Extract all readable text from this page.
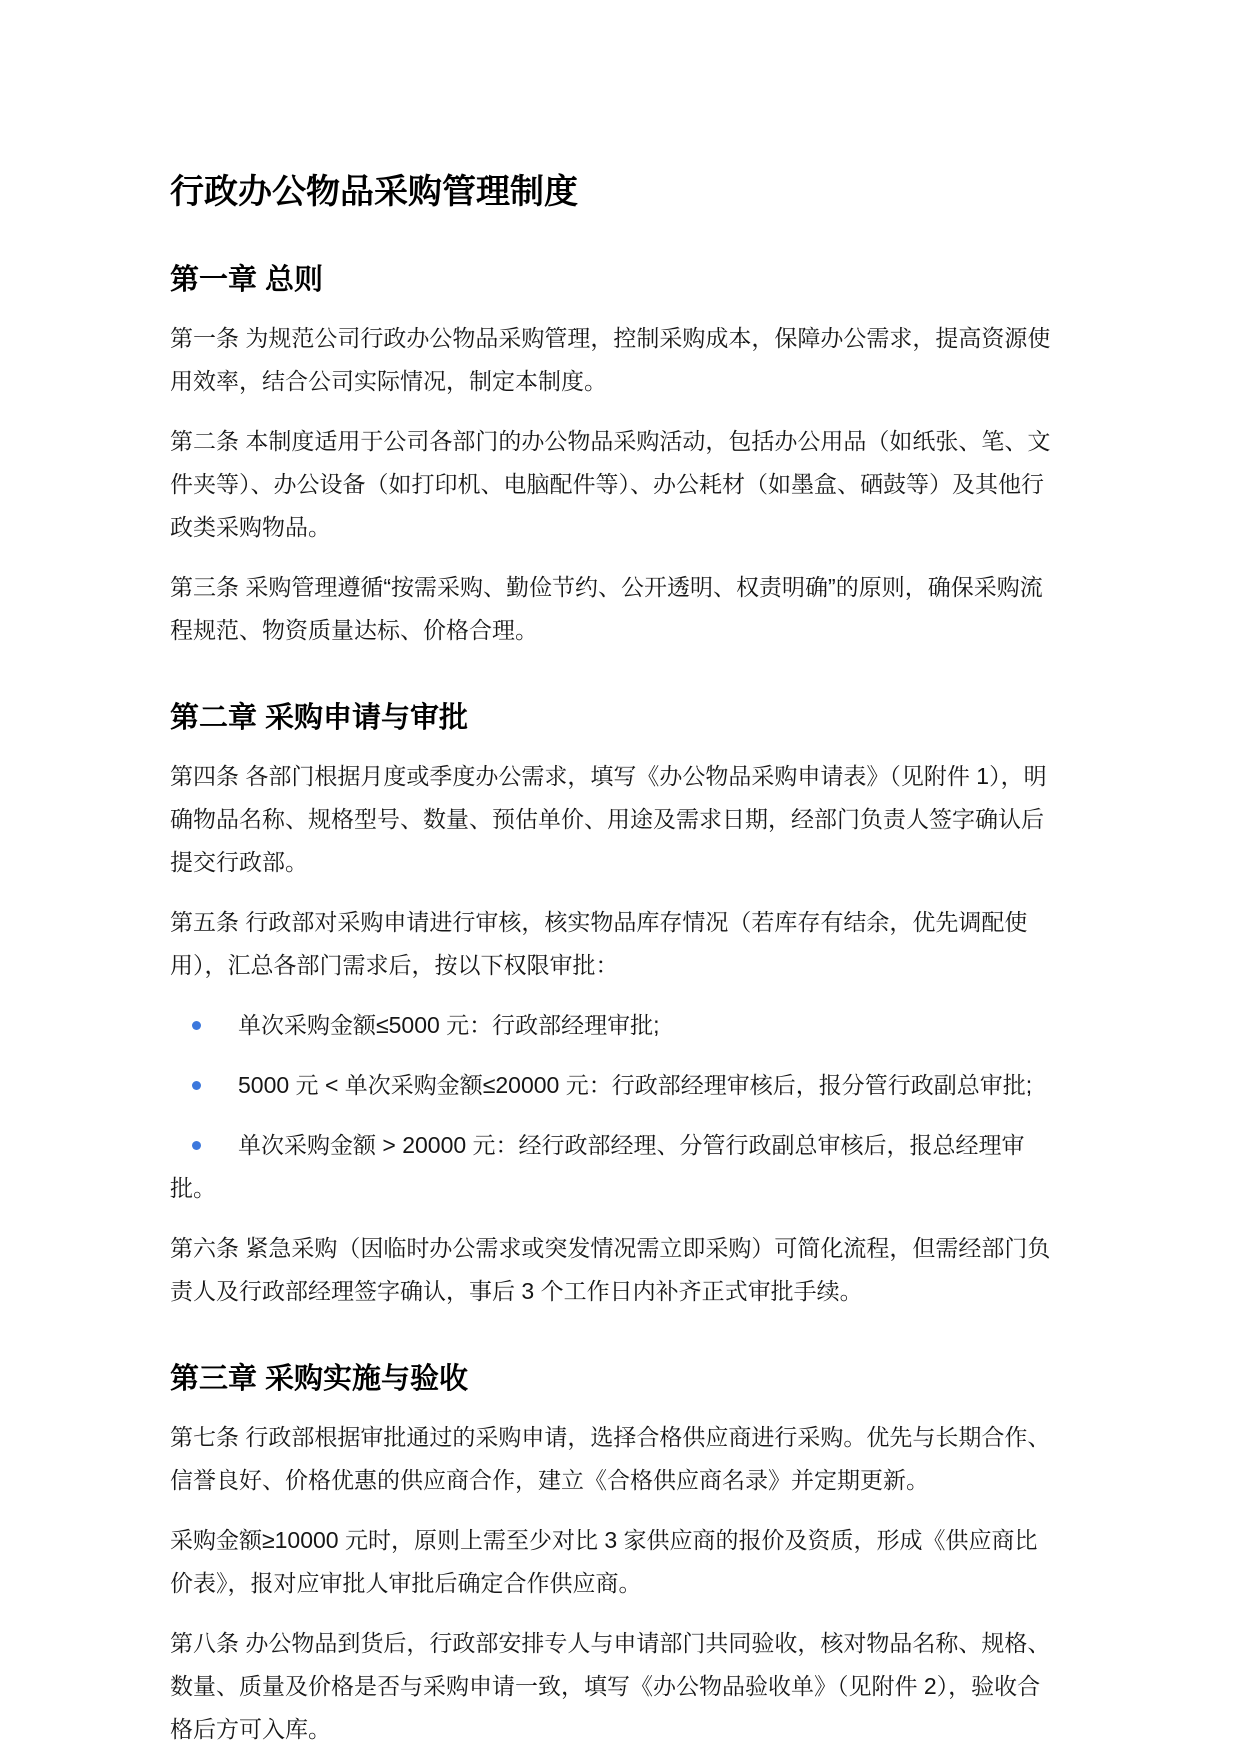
行政办公物品采购管理制度
第一章 总则

第一条 为规范公司行政办公物品采购管理，控制采购成本，保障办公需求，提高资源使用效率，结合公司实际情况，制定本制度。

第二条 本制度适用于公司各部门的办公物品采购活动，包括办公用品（如纸张、笔、文件夹等）、办公设备（如打印机、电脑配件等）、办公耗材（如墨盒、硒鼓等）及其他行政类采购物品。

第三条 采购管理遵循“按需采购、勤俭节约、公开透明、权责明确”的原则，确保采购流程规范、物资质量达标、价格合理。

第二章 采购申请与审批

第四条 各部门根据月度或季度办公需求，填写《办公物品采购申请表》（见附件 1），明确物品名称、规格型号、数量、预估单价、用途及需求日期，经部门负责人签字确认后提交行政部。

第五条 行政部对采购申请进行审核，核实物品库存情况（若库存有结余，优先调配使用），汇总各部门需求后，按以下权限审批：

单次采购金额≤5000 元：行政部经理审批;
5000 元 < 单次采购金额≤20000 元：行政部经理审核后，报分管行政副总审批;
单次采购金额 > 20000 元：经行政部经理、分管行政副总审核后，报总经理审批。

第六条 紧急采购（因临时办公需求或突发情况需立即采购）可简化流程，但需经部门负责人及行政部经理签字确认，事后 3 个工作日内补齐正式审批手续。

第三章 采购实施与验收

第七条 行政部根据审批通过的采购申请，选择合格供应商进行采购。优先与长期合作、信誉良好、价格优惠的供应商合作，建立《合格供应商名录》并定期更新。

采购金额≥10000 元时，原则上需至少对比 3 家供应商的报价及资质，形成《供应商比价表》，报对应审批人审批后确定合作供应商。

第八条 办公物品到货后，行政部安排专人与申请部门共同验收，核对物品名称、规格、数量、质量及价格是否与采购申请一致，填写《办公物品验收单》（见附件 2），验收合格后方可入库。
